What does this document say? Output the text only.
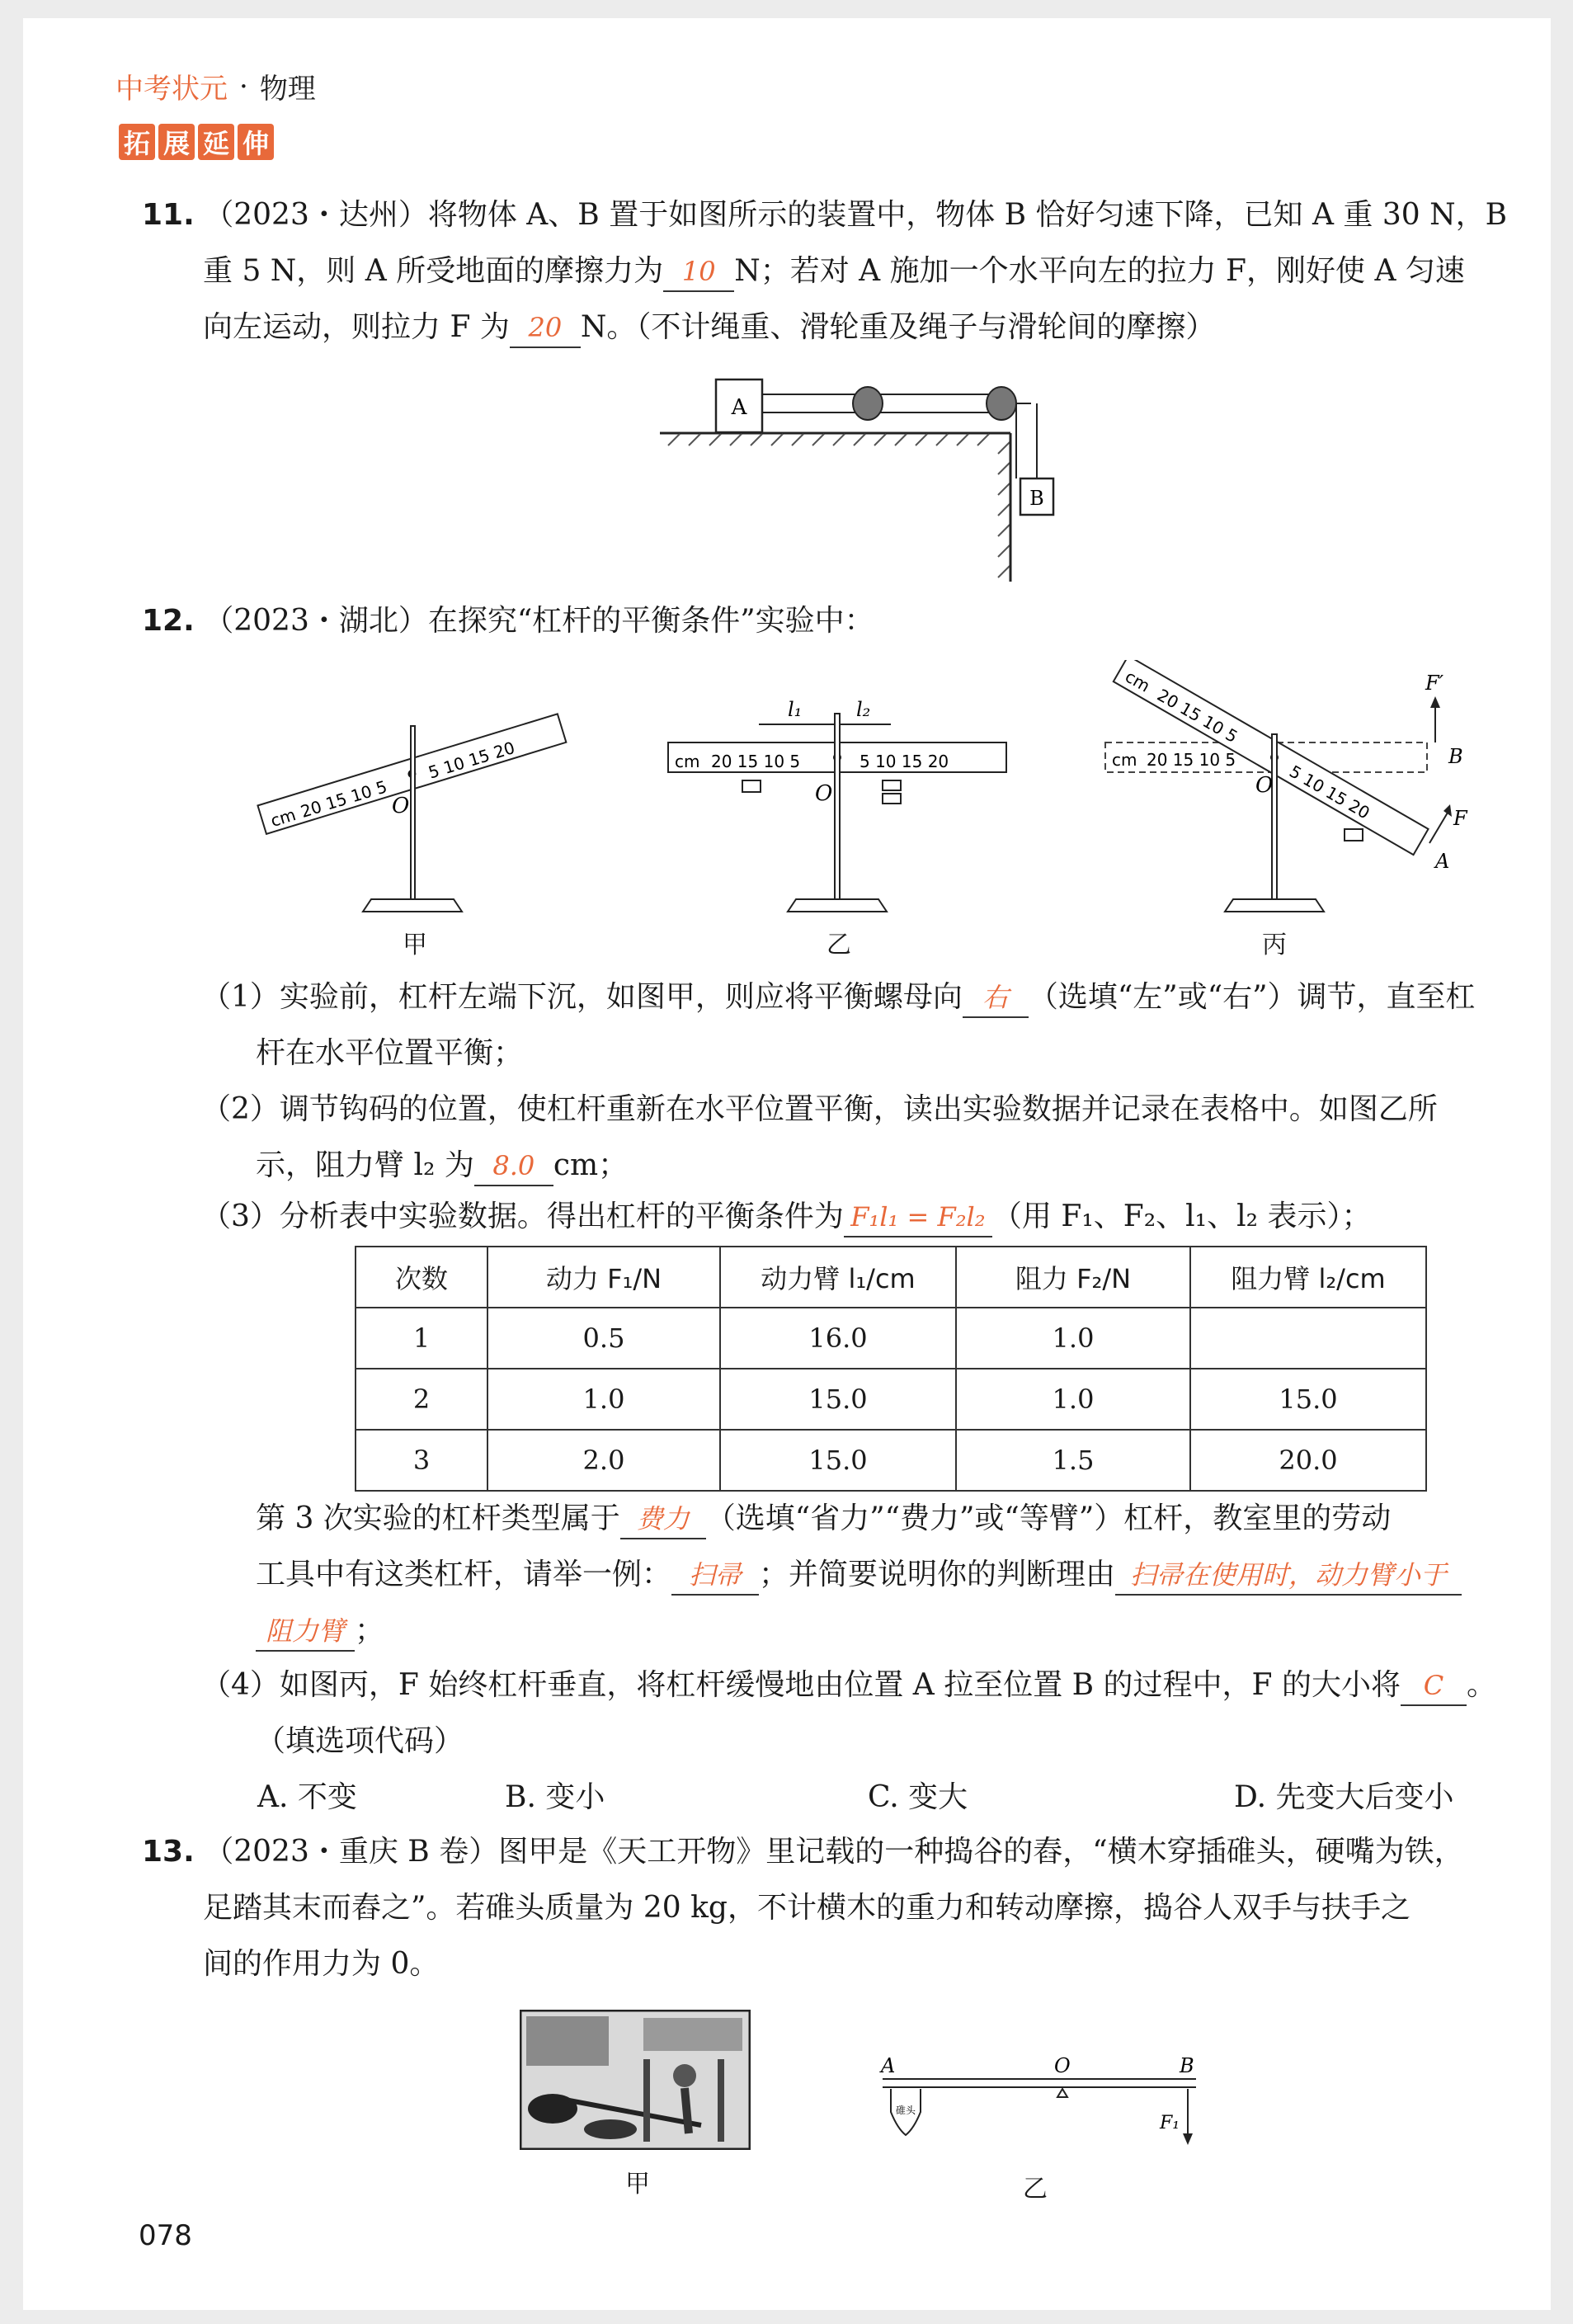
中考状元 · 物理
拓 展 延 伸
11. （2023・达州）将物体 A、B 置于如图所示的装置中，物体 B 恰好匀速下降，已知 A 重 30 N，B
重 5 N，则 A 所受地面的摩擦力为 10 N；若对 A 施加一个水平向左的拉力 F，刚好使 A 匀速
向左运动，则拉力 F 为 20 N。（不计绳重、滑轮重及绳子与滑轮间的摩擦）
A
B
12. （2023・湖北）在探究“杠杆的平衡条件”实验中：
cm 20 15 10 5
5 10 15 20
O
甲
cm 20 15 10 5	5 10 15 20
l₁	l₂
O
乙
cm 20 15 10 5
cm
20 15 10 5
5 10 15 20
F′
F
B
A
O
丙
（1）实验前，杠杆左端下沉，如图甲，则应将平衡螺母向 右 （选填“左”或“右”）调节，直至杠
杆在水平位置平衡；
（2）调节钩码的位置，使杠杆重新在水平位置平衡，读出实验数据并记录在表格中。如图乙所
示，阻力臂 l₂ 为 8.0 cm；
（3）分析表中实验数据。得出杠杆的平衡条件为 F₁l₁ = F₂l₂ （用 F₁、F₂、l₁、l₂ 表示）；
次数	动力 F₁/N	动力臂 l₁/cm	阻力 F₂/N	阻力臂 l₂/cm
1	0.5	16.0	1.0	
2	1.0	15.0	1.0	15.0
3	2.0	15.0	1.5	20.0
第 3 次实验的杠杆类型属于 费力 （选填“省力”“费力”或“等臂”）杠杆，教室里的劳动
工具中有这类杠杆，请举一例： 扫帚 ；并简要说明你的判断理由 扫帚在使用时，动力臂小于
阻力臂 ；
（4）如图丙，F 始终杠杆垂直，将杠杆缓慢地由位置 A 拉至位置 B 的过程中，F 的大小将 C 。
（填选项代码）
A. 不变	B. 变小	C. 变大	D. 先变大后变小
13. （2023・重庆 B 卷）图甲是《天工开物》里记载的一种捣谷的舂，“横木穿插碓头，硬嘴为铁，
足踏其末而舂之”。若碓头质量为 20 kg，不计横木的重力和转动摩擦，捣谷人双手与扶手之
间的作用力为 0。
甲
碓头
A	O	B
F₁
乙
078
